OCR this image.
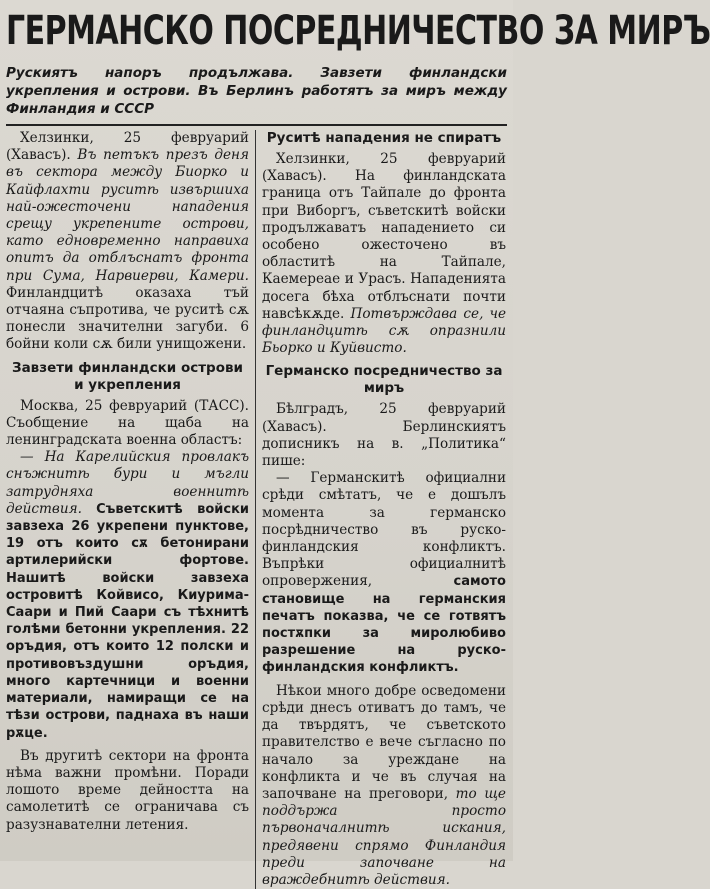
ГЕРМАНСКО ПОСРЕДНИЧЕСТВО ЗА МИРЪ
Рускиятъ напоръ продължава. Завзети финландски укрепления и острови. Въ Берлинъ работятъ за миръ между Финландия и СССР

Хелзинки, 25 февруарий (Хавасъ). Въ петъкъ презъ деня въ сектора между Биорко и Кайфлахти руситѣ извършиха най-ожесточени нападения срещу укрепените острови, като едновременно направиха опитъ да отблъснатъ фронта при Сума, Нарвиерви, Камери. Финландцитѣ оказаха тъй отчаяна съпротива, че руситѣ сѫ понесли значителни загуби. 6 бойни коли сѫ били унищожени.

Завзети финландски острови и укрепления

Москва, 25 февруарий (ТАСС). Съобщение на щаба на ленинградската военна областъ:

— На Карелийския провлакъ снъжнитѣ бури и мъгли затрудняха военнитѣ действия. Съветскитѣ войски завзеха 26 укрепени пунктове, 19 отъ които сѫ бетонирани артилерийски фортове. Нашитѣ войски завзеха островитѣ Койвисо, Киурима-Саари и Пий Саари съ тѣхнитѣ голѣми бетонни укрепления. 22 оръдия, отъ които 12 полски и противовъздушни оръдия, много картечници и военни материали, намиращи се на тѣзи острови, паднаха въ наши рѫце.

Въ другитѣ сектори на фронта нѣма важни промѣни. Поради лошото време дейността на самолетитѣ се ограничава съ разузнавателни летения.

Руситѣ нападения не спиратъ

Хелзинки, 25 февруарий (Хавасъ). На финландската граница отъ Тайпале до фронта при Виборгъ, съветскитѣ войски продължаватъ нападението си особено ожесточено въ областитѣ на Тайпале, Каемереае и Урасъ. Нападенията досега бѣха отблъснати почти навсѣкѫде. Потвърждава се, че финландцитѣ сѫ опразнили Бьорко и Куйвисто.

Германско посредничество за миръ

Бѣлградъ, 25 февруарий (Хавасъ).	Берлинскиятъ дописникъ на в. „Политика“ пише:

— Германскитѣ официални срѣди смѣтатъ, че е дошълъ момента за германско посрѣдничество въ руско-финландския конфликтъ. Въпрѣки официалнитѣ опровержения,	самото становище на германския печатъ показва, че се готвятъ постѫпки за миролюбиво разрешение на руско-финландския конфликтъ.

Нѣкои много добре осведомени срѣди днесъ отиватъ до тамъ, че да твърдятъ, че съветското правителство е вече съгласно по начало за уреждане на конфликта и че въ случая на започване на преговори, то ще поддържа просто първоначалнитѣ искания, предявени спрямо Финландия преди започване на враждебнитѣ действия.
